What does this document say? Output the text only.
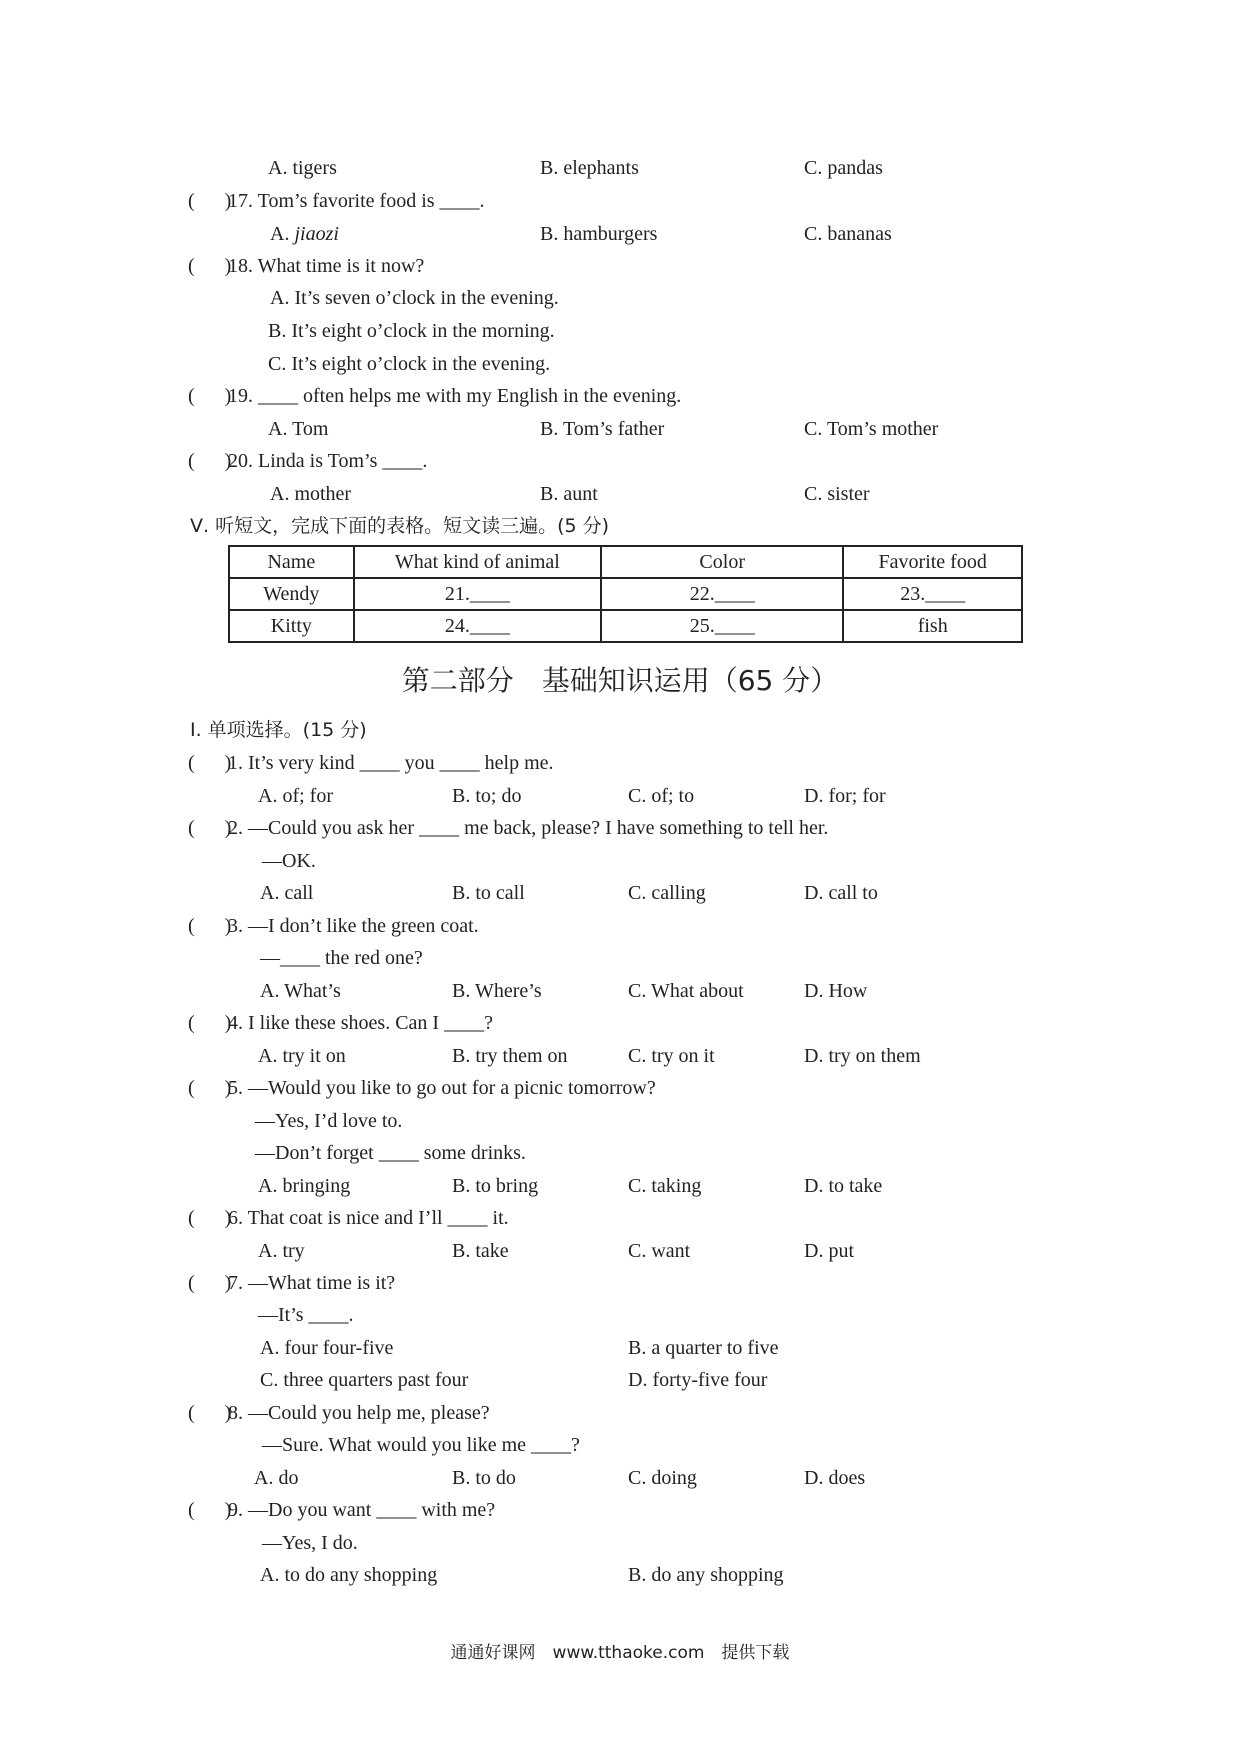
A. tigers	B. elephants	C. pandas
(      )
17. Tom’s favorite food is ____.
A. jiaozi	B. hamburgers	C. bananas
(      )
18. What time is it now?
A. It’s seven o’clock in the evening.
B. It’s eight o’clock in the morning.
C. It’s eight o’clock in the evening.
(      )
19. ____ often helps me with my English in the evening.
A. Tom	B. Tom’s father	C. Tom’s mother
(      )
20. Linda is Tom’s ____.
A. mother	B. aunt	C. sister
Ⅴ. 听短文，完成下面的表格。短文读三遍。(5 分)
Name	What kind of animal	Color	Favorite food
Wendy	21.____	22.____	23.____
Kitty	24.____	25.____	fish
第二部分　基础知识运用（65 分）
Ⅰ. 单项选择。(15 分)
(      )
1. It’s very kind ____ you ____ help me.
A. of; for	B. to; do	C. of; to	D. for; for
(      )
2. —Could you ask her ____ me back, please? I have something to tell her.
—OK.
A. call	B. to call	C. calling	D. call to
(      )
3. —I don’t like the green coat.
—____ the red one?
A. What’s	B. Where’s	C. What about	D. How
(      )
4. I like these shoes. Can I ____?
A. try it on	B. try them on	C. try on it	D. try on them
(      )
5. —Would you like to go out for a picnic tomorrow?
—Yes, I’d love to.
—Don’t forget ____ some drinks.
A. bringing	B. to bring	C. taking	D. to take
(      )
6. That coat is nice and I’ll ____ it.
A. try	B. take	C. want	D. put
(      )
7. —What time is it?
—It’s ____.
A. four four-five	B. a quarter to five
C. three quarters past four	D. forty-five four
(      )
8. —Could you help me, please?
—Sure. What would you like me ____?
A. do	B. to do	C. doing	D. does
(      )
9. —Do you want ____ with me?
—Yes, I do.
A. to do any shopping	B. do any shopping
通通好课网　www.tthaoke.com　提供下载
